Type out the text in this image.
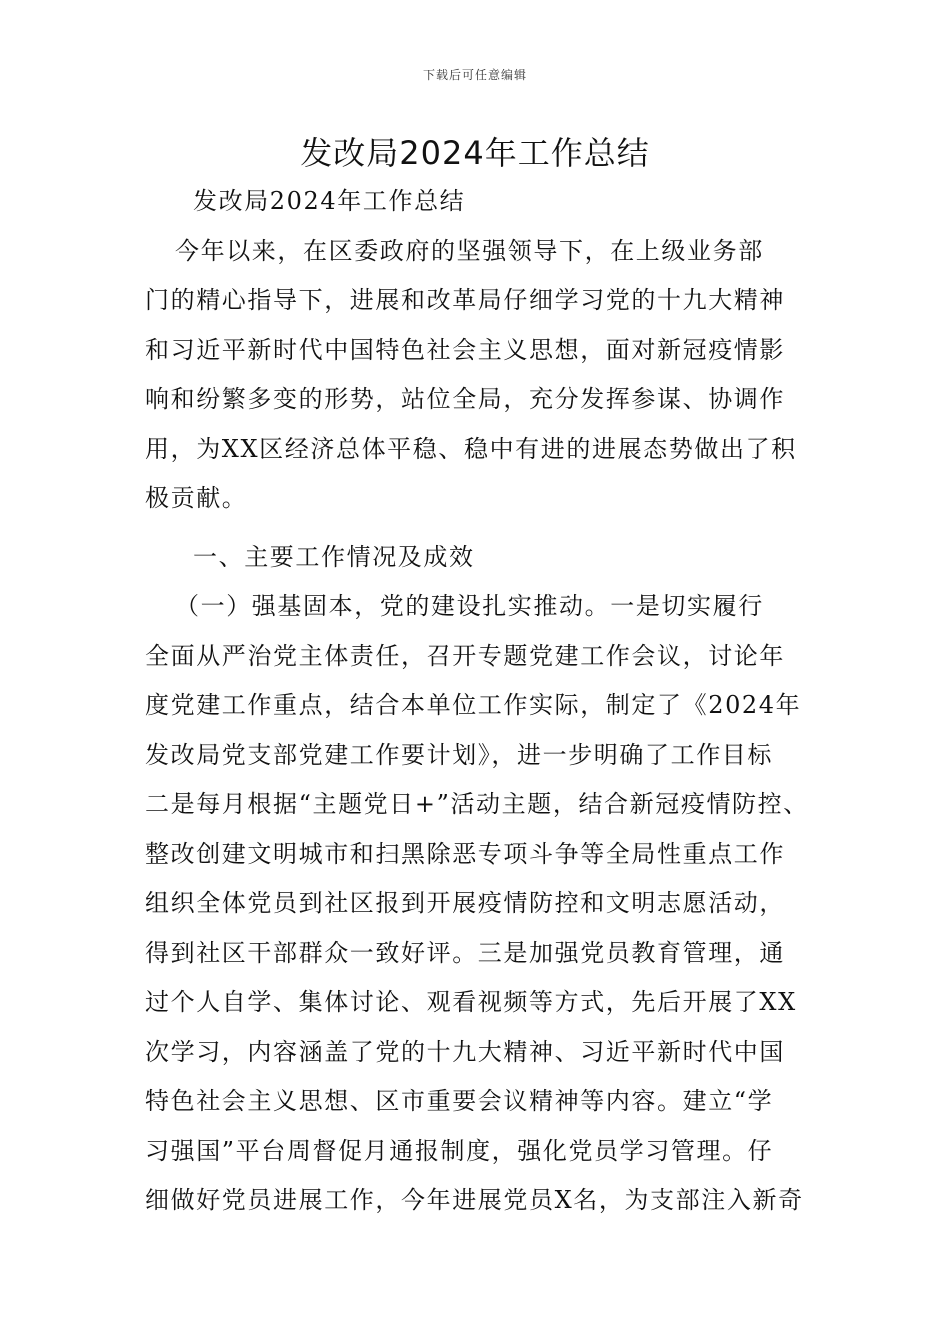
下载后可任意编辑
发改局2024年工作总结
发改局2024年工作总结
今年以来，在区委政府的坚强领导下，在上级业务部
门的精心指导下，进展和改革局仔细学习党的十九大精神
和习近平新时代中国特色社会主义思想，面对新冠疫情影
响和纷繁多变的形势，站位全局，充分发挥参谋、协调作
用，为XX区经济总体平稳、稳中有进的进展态势做出了积
极贡献。
一、主要工作情况及成效
（一）强基固本，党的建设扎实推动。一是切实履行
全面从严治党主体责任，召开专题党建工作会议，讨论年
度党建工作重点，结合本单位工作实际，制定了《2024年
发改局党支部党建工作要计划》，进一步明确了工作目标
二是每月根据“主题党日+”活动主题，结合新冠疫情防控、
整改创建文明城市和扫黑除恶专项斗争等全局性重点工作
组织全体党员到社区报到开展疫情防控和文明志愿活动，
得到社区干部群众一致好评。三是加强党员教育管理，通
过个人自学、集体讨论、观看视频等方式，先后开展了XX
次学习，内容涵盖了党的十九大精神、习近平新时代中国
特色社会主义思想、区市重要会议精神等内容。建立“学
习强国”平台周督促月通报制度，强化党员学习管理。仔
细做好党员进展工作，今年进展党员X名，为支部注入新奇
